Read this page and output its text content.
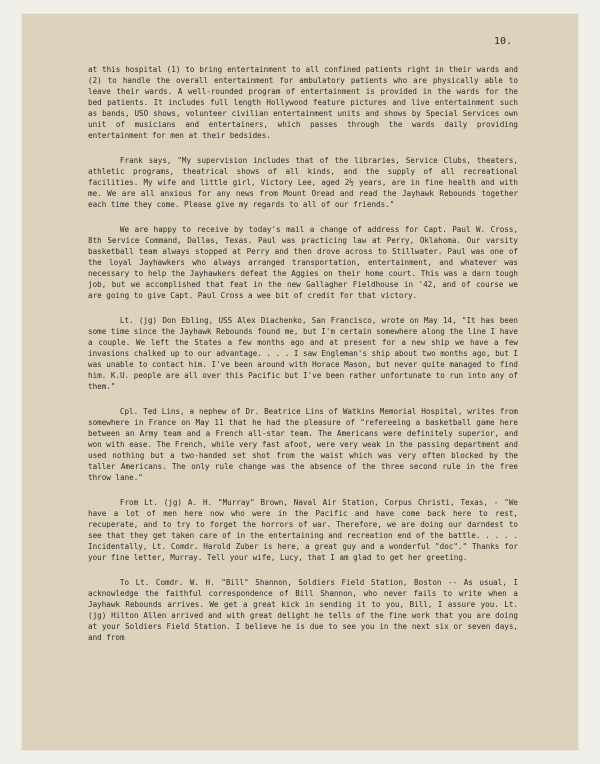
10.

at this hospital (1) to bring entertainment to all confined patients right in their wards and (2) to handle the overall entertainment for ambulatory patients who are physically able to leave their wards. A well-rounded program of entertainment is provided in the wards for the bed patients. It includes full length Hollywood feature pictures and live entertainment such as bands, USO shows, volunteer civilian entertainment units and shows by Special Services own unit of musicians and entertainers, which passes through the wards daily providing entertainment for men at their bedsides.

Frank says, "My supervision includes that of the libraries, Service Clubs, theaters, athletic programs, theatrical shows of all kinds, and the supply of all recreational facilities. My wife and little girl, Victory Lee, aged 2½ years, are in fine health and with me. We are all anxious for any news from Mount Oread and read the Jayhawk Rebounds together each time they come. Please give my regards to all of our friends."

We are happy to receive by today's mail a change of address for Capt. Paul W. Cross, 8th Service Command, Dallas, Texas. Paul was practicing law at Perry, Oklahoma. Our varsity basketball team always stopped at Perry and then drove across to Stillwater. Paul was one of the loyal Jayhawkers who always arranged transportation, entertainment, and whatever was necessary to help the Jayhawkers defeat the Aggies on their home court. This was a darn tough job, but we accomplished that feat in the new Gallagher Fieldhouse in '42, and of course we are going to give Capt. Paul Cross a wee bit of credit for that victory.

Lt. (jg) Don Ebling, USS Alex Diachenko, San Francisco, wrote on May 14, "It has been some time since the Jayhawk Rebounds found me, but I'm certain somewhere along the line I have a couple. We left the States a few months ago and at present for a new ship we have a few invasions chalked up to our advantage. . . . I saw Engleman's ship about two months ago, but I was unable to contact him. I've been around with Horace Mason, but never quite managed to find him. K.U. people are all over this Pacific but I've been rather unfortunate to run into any of them."

Cpl. Ted Lins, a nephew of Dr. Beatrice Lins of Watkins Memorial Hospital, writes from somewhere in France on May 11 that he had the pleasure of "refereeing a basketball game here between an Army team and a French all-star team. The Americans were definitely superior, and won with ease. The French, while very fast afoot, were very weak in the passing department and used nothing but a two-handed set shot from the waist which was very often blocked by the taller Americans. The only rule change was the absence of the three second rule in the free throw lane."

From Lt. (jg) A. H. "Murray" Brown, Naval Air Station, Corpus Christi, Texas, - "We have a lot of men here now who were in the Pacific and have come back here to rest, recuperate, and to try to forget the horrors of war. Therefore, we are doing our darndest to see that they get taken care of in the entertaining and recreation end of the battle. . . . . Incidentally, Lt. Comdr. Harold Zuber is here, a great guy and a wonderful "doc"." Thanks for your fine letter, Murray. Tell your wife, Lucy, that I am glad to get her greeting.

To Lt. Comdr. W. H. "Bill" Shannon, Soldiers Field Station, Boston -- As usual, I acknowledge the faithful correspondence of Bill Shannon, who never fails to write when a Jayhawk Rebounds arrives. We get a great kick in sending it to you, Bill, I assure you. Lt. (jg) Hilton Allen arrived and with great delight he tells of the fine work that you are doing at your Soldiers Field Station. I believe he is due to see you in the next six or seven days, and from
